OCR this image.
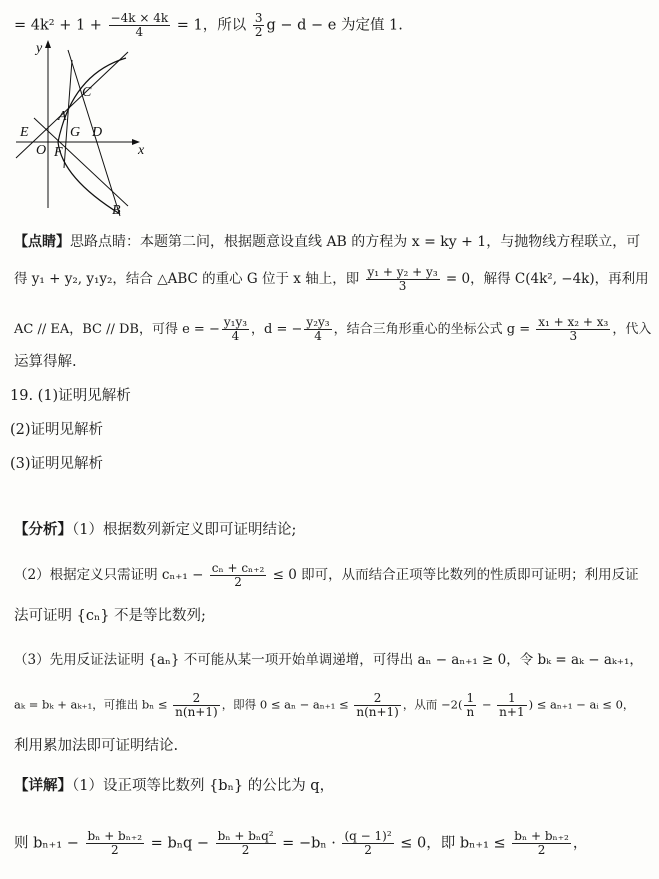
= $4k^2 + 1 + \frac{-4k \times 4k}{4} = 1$，所以 $\frac{3}{2}$ g − d − e 为定值 1.
y
x
O
A
B
C
D
E
F
G
【点睛】思路点睛：本题第二问，根据题意设直线 AB 的方程为 x = ky + 1，与抛物线方程联立，可
得 y₁ + y₂, y₁y₂，结合 △ABC 的重心 G 位于 x 轴上，即 $\frac{\text{y₁ + y₂ + y₃}}{3} = 0$，解得 C(4k², −4k)，再利用
AC // EA，BC // DB，可得 e = − $\frac{\text{y₁y₃}}{4}$ ，d = − $\frac{\text{y₂y₃}}{4}$ ，结合三角形重心的坐标公式 $g = \frac{\text{x₁ + x₂ + x₃}}{3}$ ，代入
运算得解.
19. (1)证明见解析
(2)证明见解析
(3)证明见解析
【分析】（1）根据数列新定义即可证明结论;
（2）根据定义只需证明 $c_{n+1} - \frac{\text{cₙ + cₙ₊₂}}{2} \le 0$ 即可，从而结合正项等比数列的性质即可证明；利用反证
法可证明 {cₙ} 不是等比数列;
（3）先用反证法证明 {aₙ} 不可能从某一项开始单调递增，可得出 aₙ − aₙ₊₁ ≥ 0，令 bₖ = aₖ − aₖ₊₁，
aₖ = bₖ + aₖ₊₁，可推出 $b_n \le \frac{2}{n(n+1)}$ ，即得 $0 \le a_n - a_{n+1} \le \frac{2}{n(n+1)}$ ，从而 $-2( \frac{1}{n} - \frac{1}{n+1}$ ) ≤ aₙ₊₁ − aᵢ ≤ 0，
利用累加法即可证明结论.
【详解】（1）设正项等比数列 {bₙ} 的公比为 q，
则 $b_{n+1} - \frac{\text{bₙ + bₙ₊₂}}{2} = b_nq - \frac{\text{bₙ + bₙq²}}{2} = -b_n \cdot \frac{\text{(q − 1)²}}{2} \le 0$，即 $b_{n+1} \le \frac{\text{bₙ + bₙ₊₂}}{2}$ ，
